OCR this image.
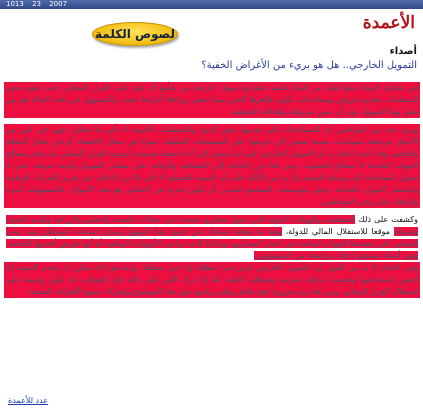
1013 23 2007
الأعمدة
لصوص الكلمة
أصداء
التمويل الخارجي.. هل هو بريء من الأغراض الخفية؟

في متناول الدولة مبلغ قليل من المال لتنفيذ مشاريع تمويل خارجية من شأنها أن تؤثر على القرار المحلي، حيث تقوم بعض المنظمات بتقديم قروض ومساعدات يكون ظاهرها الخير بينما تخفي وراءها أغراضا خفية، والمسؤول في هذه الحالة هو من يقبل بهذا التمويل دون أن يتبين شروطه وأهدافه الحقيقية.

ويرى عدد من المراقبين أن المساعدات التي تقدمها بعض الدول والمنظمات الأجنبية لا تأتي بلا مقابل، فهي في كثير من الأحيان مرتبطة بسياسات معينة تسعى إلى فرضها على المجتمعات المتلقية، سواء في مجال الاقتصاد أو في مجال الثقافة والتعليم، وقد أثبتت التجارب أن التمويل الخارجي كثيرا ما يتحول إلى أداة ضغط تستخدم لتوجيه القرار المحلي بما يخدم مصالح الجهات المانحة لا مصالح الشعوب، ومن هنا تبرز الحاجة إلى الشفافية والرقابة على مصادر التمويل وأوجه صرفه، حتى لا تتحول المساعدة إلى وسيلة للتبعية، ولا بد من التأكيد على أن التنمية الحقيقية لا تأتي إلا من الداخل عبر تعزيز القدرات الوطنية واستثمار الموارد المتاحة، وعلى مؤسسات المجتمع المدني أن تكون حذرة في التعامل مع هذه الأموال، فالمسؤولية كبيرة والرهان على وعي المواطنين.

وكشفت على ذلك المنظمات والهيئات الدولية التي تمول مشاريع متعددة في مجالات الصحة والتعليم والزراعة والبنية التحتية وغيرها، موقعا للاستقلال المالي للدولة، وهذا ما يجعلنا نتساءل عن جدوى هذا التمويل ومدى استفادة المواطن منه، وعن المعايير التي تعتمدها الجهات المانحة في اختيار المشاريع، وما إذا كانت تراعي الأولويات الوطنية أم أنها تفرض أجندتها الخاصة، وهي أسئلة تستحق إجابات واضحة من المسؤولين.

وفي الختام لا بد من القول إن التمويل الخارجي ليس شرا مطلقا ولا خيرا مطلقا، وإنما هو أداة يمكن أن تخدم التنمية إذا أحسن استخدامها وخضعت لرقابة صارمة وشفافية كاملة، أما إذا ترك الأمر على حاله فإن العواقب قد تكون وخيمة على استقلال القرار الوطني، ومن هنا نرى ضرورة فتح نقاش وطني واسع حول هذا الموضوع وإشراك جميع الأطراف المعنية.

عدد للأعمدة
